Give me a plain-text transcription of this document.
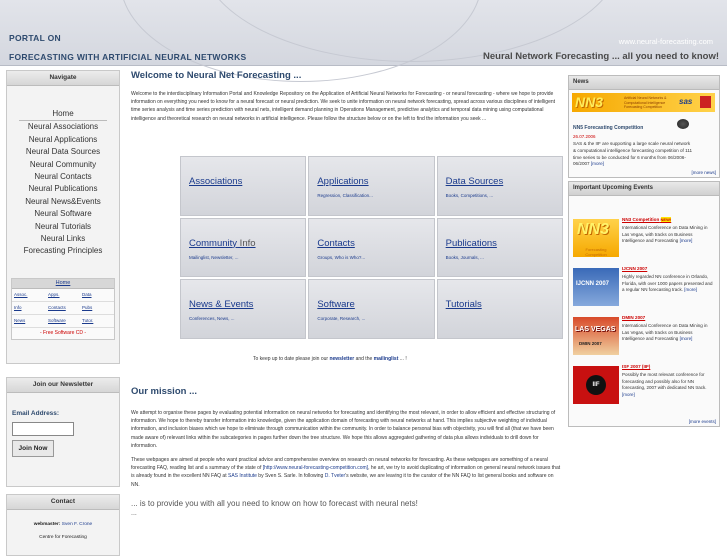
PORTAL ON
FORECASTING WITH ARTIFICIAL NEURAL NETWORKS
www.neural-forecasting.com
Neural Network Forecasting ... all you need to know!
Navigate
Home
Neural Associations
Neural Applications
Neural Data Sources
Neural Community
Neural Contacts
Neural Publications
Neural News&Events
Neural Software
Neural Tutorials
Neural Links
Forecasting Principles
Home
Assoc.	Apps.	Data
Info	Contacts	Pubs
News	Software	Tutor.
- Free Software CD -
Join our Newsletter
Email Address:
Join Now
Contact
webmaster: Sven F. Crone
Centre for Forecasting
Welcome to Neural Net Forecasting ...
Welcome to the interdisciplinary Information Portal and Knowledge Repository on the Application of Artificial Neural Networks for Forecasting - or neural forecasting - where we hope to provide information on everything you need to know for a neural forecast or neural prediction. We seek to unite information on neural network forecasting, spread across various disciplines of intelligent time series analysis and time series prediction with neural nets, intelligent demand planning in Operations Management, predictive analytics and temporal data mining using computational intelligence and theoretical research on neural networks in artificial intelligence. Please follow the structure below or on the left to find the information you seek ...
Associations	Applications
Regression, Classification...
Data Sources
Books, Competitions, ...
Community Info
Mailinglist, Newsletter, ...
Contacts
Groups, Who is Who?...
Publications
Books, Journals, ...
News & Events
Conferences, News, ...
Software
Corporate, Research, ...
Tutorials
To keep up to date please join our newsletter and the mailinglist ... !
Our mission ...
We attempt to organise these pages by evaluating potential information on neural networks for forecasting and identifying the most relevant, in order to allow efficient and effective structuring of information. We hope to thereby transfer information into knowledge, given the application domain of forecasting with neural networks at hand. This implies subjective weighting of individual information, and inclusion biases which we hope to eliminate through communication within the community. In order to balance personal bias with objectivity, you will find all (that we have been made aware of) relevant links within the subcategories in pages further down the tree structure. We hope this allows aggregated gathering of data plus allows individuals to drill down for information.
These webpages are aimed at people who want practical advice and comprehensive overview on research on neural networks for forecasting. As these webpages are something of a neural forecasting FAQ, reading list and a summary of the state of [http://www.neural-forecasting-competition.com], he art, we try to avoid duplicating of information on general neural network issues that is already found in the excellent NN FAQ at SAS Institute by Sven S. Sarle. In following D. Tveter's website, we are leaving it to the curator of the NN FAQ to list general books and software on NN.
... is to provide you with all you need to know on how to forecast with neural nets!
...
News
NN3	Artificial Neural Networks & Computational Intelligence Forecasting Competition
sas
NN5 Forecasting Competition
26.07.2006
SAS & the IIF are supporting a large scale neural network & computational intelligence forecasting competition of 111 time series to be conducted for 6 months from 06/2006-06/2007 [more]
[more news]
Important Upcoming Events
NN3
Forecasting Competition
NN3 Competition NEW!
International Conference on Data Mining in Las Vegas, with tracks on Business Intelligence and Forecasting [more]
IJCNN 2007
IJCNN 2007
Highly regarded NN conference in Orlando, Florida, with over 1000 papers presented and a regular NN forecasting track. [more]
LAS VEGAS
DMIN 2007
DMIN 2007
International Conference on Data Mining in Las Vegas, with tracks on Business Intelligence and Forecasting [more]
IIF
ISF 2007 (IIF)
Possibly the most relevant conference for forecasting and possibly also for NN forecasting, 2007 with dedicated NN track. [more]
[more events]
